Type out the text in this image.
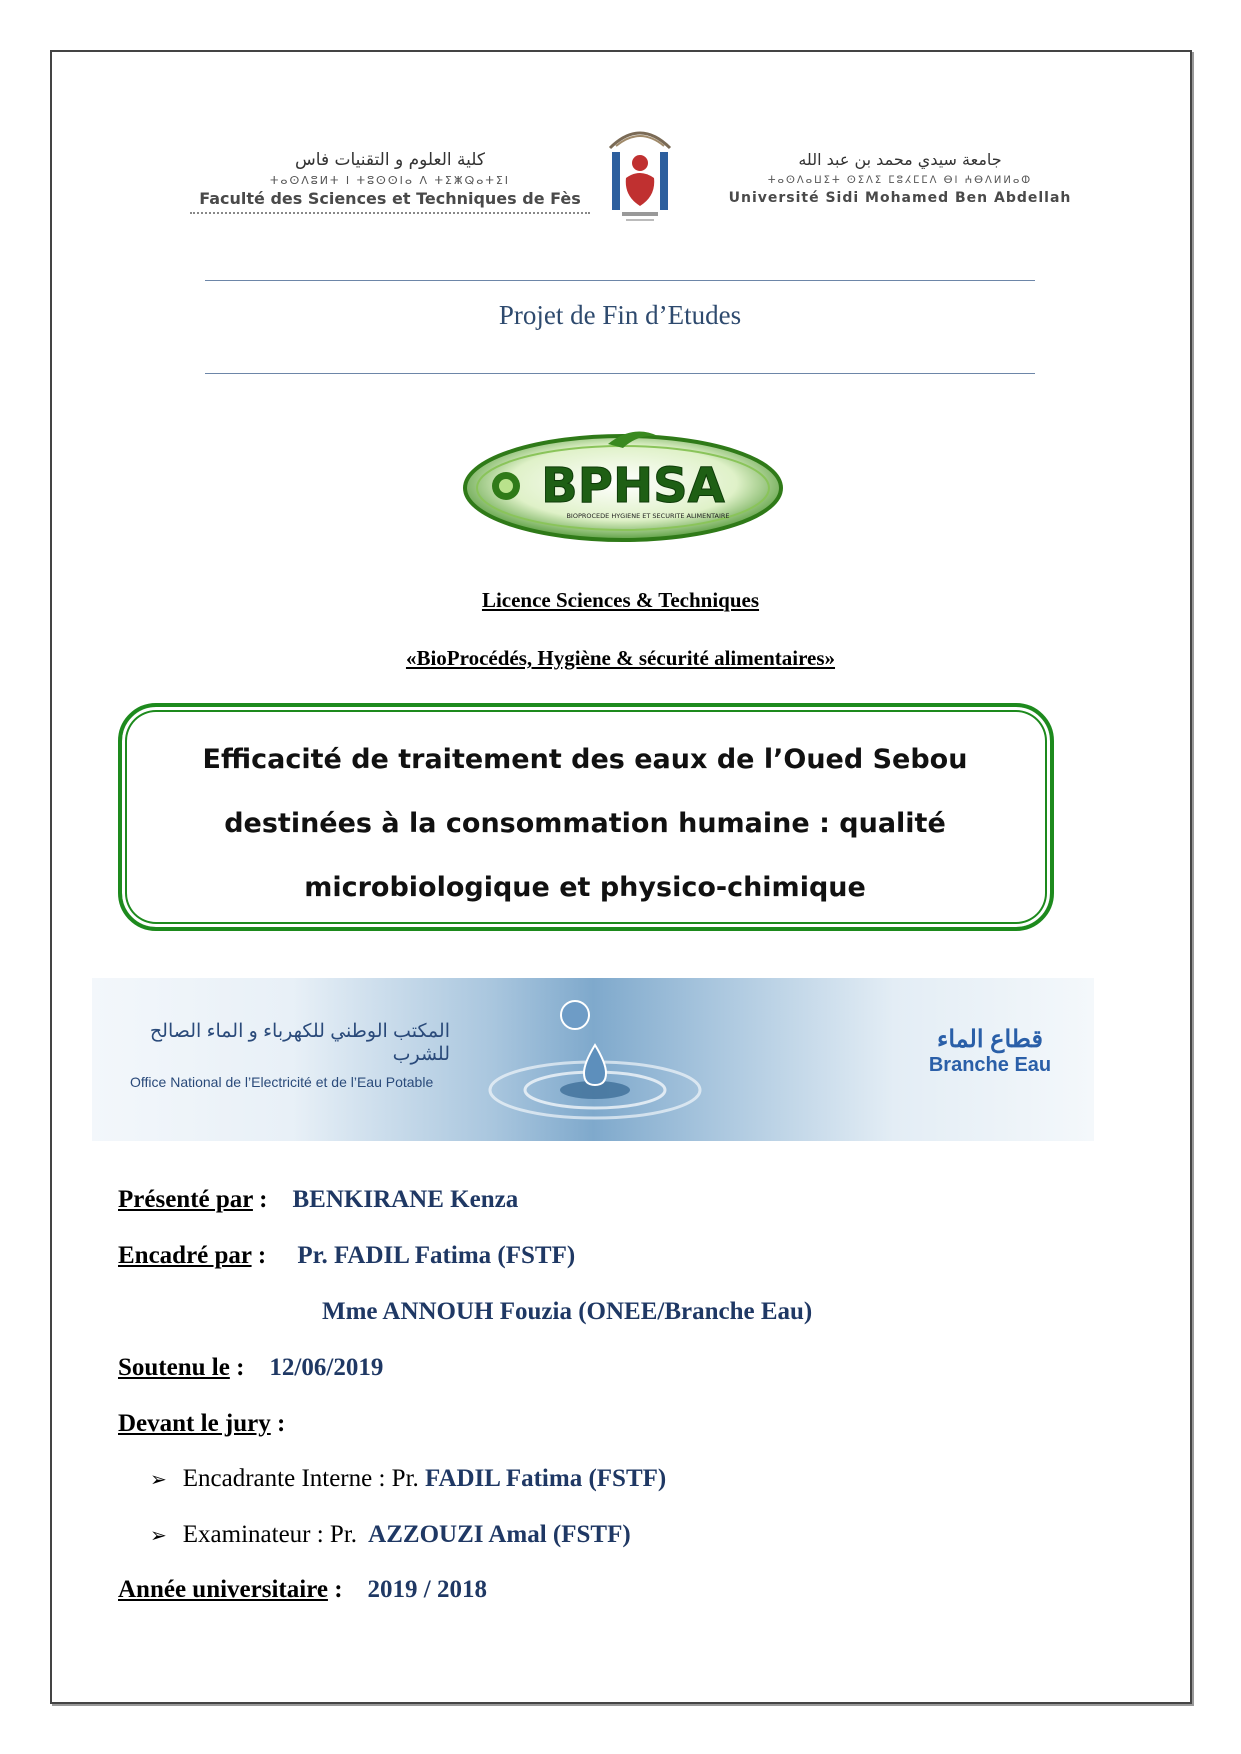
كلية العلوم و التقنيات فاس
ⵜⴰⵙⴷⵓⵍⵜ ⵏ ⵜⵓⵙⵙⵏⴰ ⴷ ⵜⵉⵥⵕⴰⵜⵉⵏ
Faculté des Sciences et Techniques de Fès
جامعة سيدي محمد بن عبد الله
ⵜⴰⵙⴷⴰⵡⵉⵜ ⵙⵉⴷⵉ ⵎⵓⵃⵎⵎⴷ ⴱⵏ ⵄⴱⴷⵍⵍⴰⵀ
Université Sidi Mohamed Ben Abdellah
Projet de Fin d’Etudes
BPHSA
BIOPROCEDE HYGIENE ET SECURITE ALIMENTAIRE
Licence Sciences & Techniques
«BioProcédés, Hygiène & sécurité alimentaires»
Efficacité de traitement des eaux de l’Oued Sebou
destinées à la consommation humaine : qualité
microbiologique et physico-chimique
المكتب الوطني للكهرباء و الماء الصالح للشرب
Office National de l’Electricité et de l’Eau Potable
قطاع الماء
Branche Eau
Présenté par :    BENKIRANE Kenza
Encadré par :     Pr. FADIL Fatima (FSTF)
Mme ANNOUH Fouzia (ONEE/Branche Eau)
Soutenu le :    12/06/2019
Devant le jury :
➢ Encadrante Interne : Pr. FADIL Fatima (FSTF)
➢ Examinateur : Pr. AZZOUZI Amal (FSTF)
Année universitaire :    2019 / 2018
